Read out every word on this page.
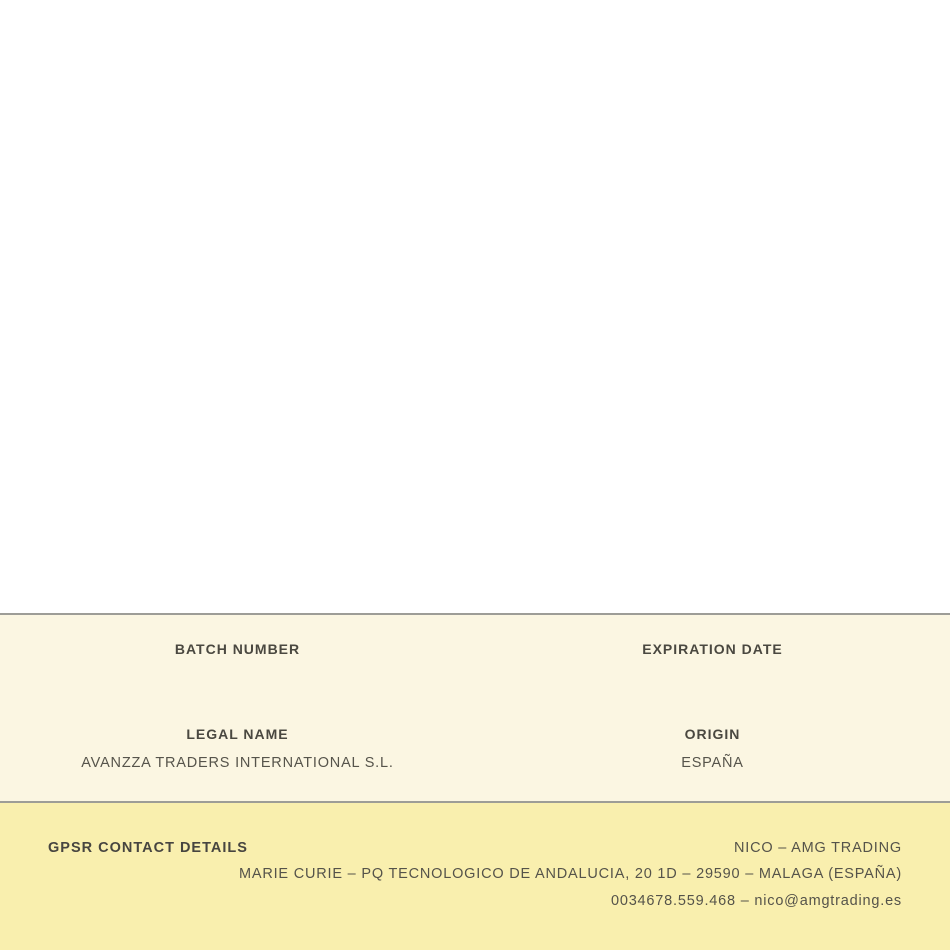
BATCH NUMBER	EXPIRATION DATE
LEGAL NAME	ORIGIN
AVANZZA TRADERS INTERNATIONAL S.L.	ESPAÑA
GPSR CONTACT DETAILS	NICO – AMG TRADING
MARIE CURIE – PQ TECNOLOGICO DE ANDALUCIA, 20 1D – 29590 – MALAGA (ESPAÑA)
0034678.559.468 – nico@amgtrading.es
